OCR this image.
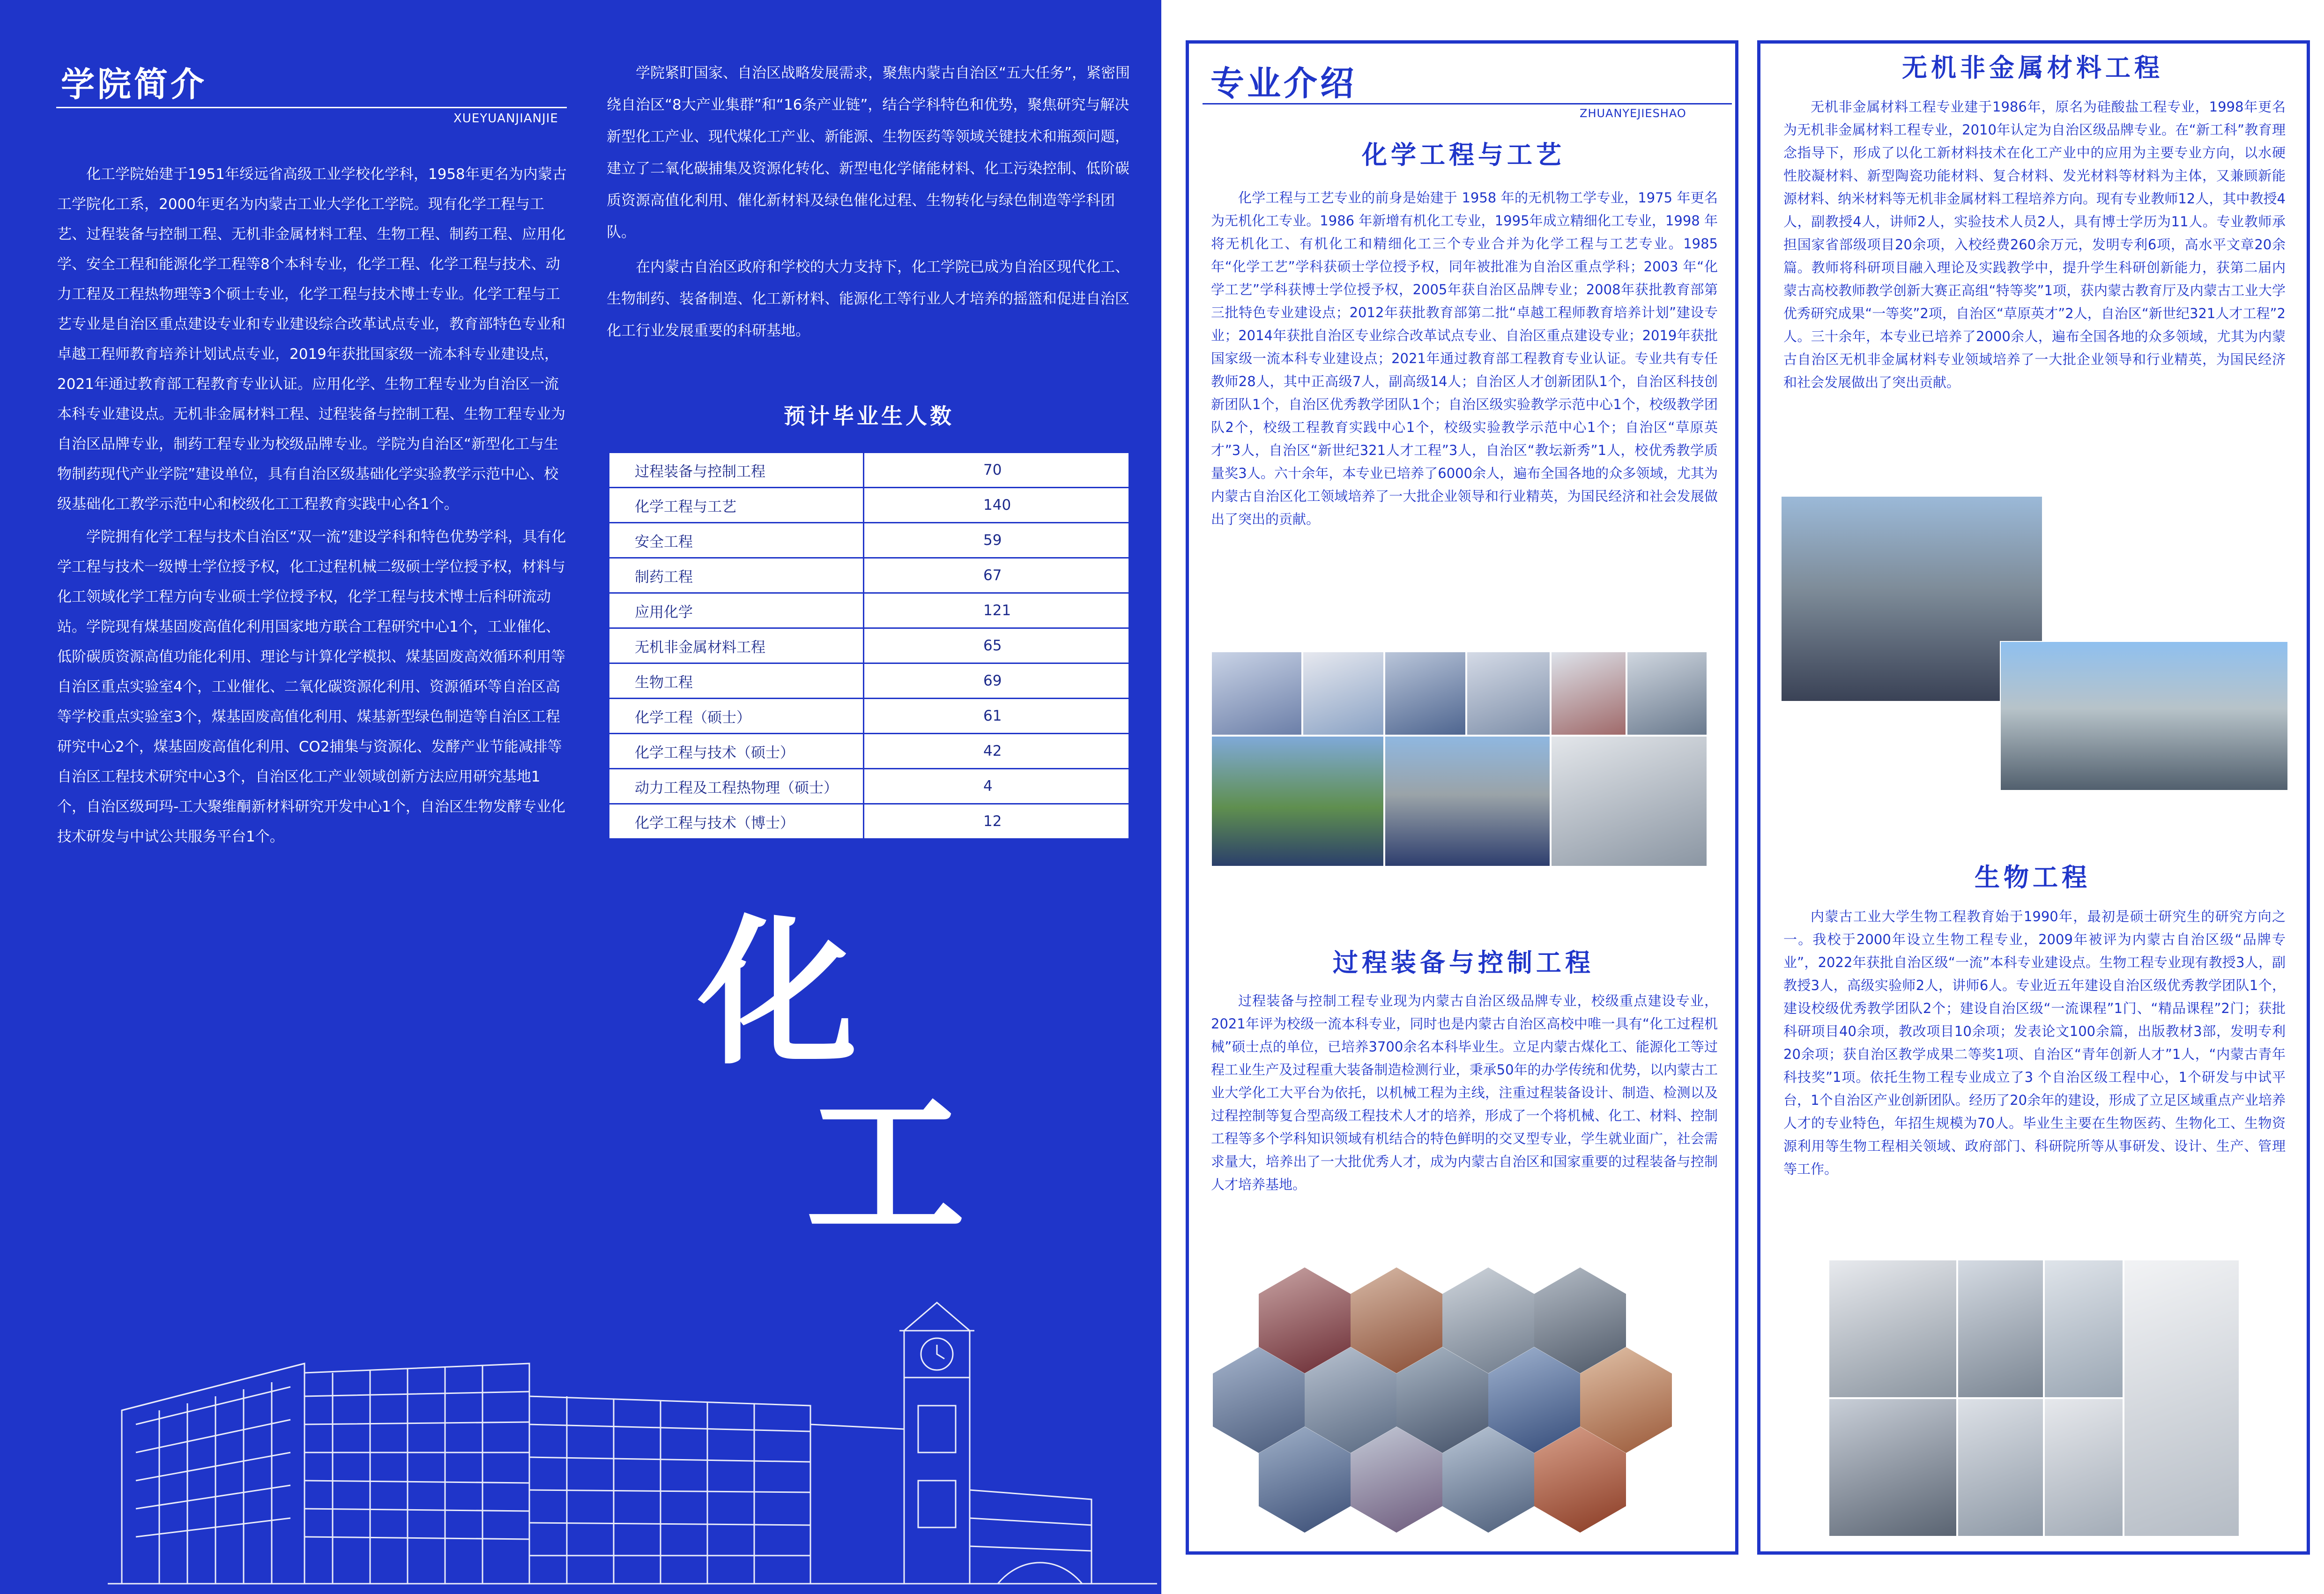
学院简介
XUEYUANJIANJIE

化工学院始建于1951年绥远省高级工业学校化学科，1958年更名为内蒙古工学院化工系，2000年更名为内蒙古工业大学化工学院。现有化学工程与工艺、过程装备与控制工程、无机非金属材料工程、生物工程、制药工程、应用化学、安全工程和能源化学工程等8个本科专业，化学工程、化学工程与技术、动力工程及工程热物理等3个硕士专业，化学工程与技术博士专业。化学工程与工艺专业是自治区重点建设专业和专业建设综合改革试点专业，教育部特色专业和卓越工程师教育培养计划试点专业，2019年获批国家级一流本科专业建设点，2021年通过教育部工程教育专业认证。应用化学、生物工程专业为自治区一流本科专业建设点。无机非金属材料工程、过程装备与控制工程、生物工程专业为自治区品牌专业，制药工程专业为校级品牌专业。学院为自治区“新型化工与生物制药现代产业学院”建设单位，具有自治区级基础化学实验教学示范中心、校级基础化工教学示范中心和校级化工工程教育实践中心各1个。

学院拥有化学工程与技术自治区“双一流”建设学科和特色优势学科，具有化学工程与技术一级博士学位授予权，化工过程机械二级硕士学位授予权，材料与化工领域化学工程方向专业硕士学位授予权，化学工程与技术博士后科研流动站。学院现有煤基固废高值化利用国家地方联合工程研究中心1个，工业催化、低阶碳质资源高值功能化利用、理论与计算化学模拟、煤基固废高效循环利用等自治区重点实验室4个，工业催化、二氧化碳资源化利用、资源循环等自治区高等学校重点实验室3个，煤基固废高值化利用、煤基新型绿色制造等自治区工程研究中心2个，煤基固废高值化利用、CO2捕集与资源化、发酵产业节能减排等自治区工程技术研究中心3个，自治区化工产业领域创新方法应用研究基地1个，自治区级珂玛-工大聚维酮新材料研究开发中心1个，自治区生物发酵专业化技术研发与中试公共服务平台1个。

学院紧盯国家、自治区战略发展需求，聚焦内蒙古自治区“五大任务”，紧密围绕自治区“8大产业集群”和“16条产业链”，结合学科特色和优势，聚焦研究与解决新型化工产业、现代煤化工产业、新能源、生物医药等领域关键技术和瓶颈问题，建立了二氧化碳捕集及资源化转化、新型电化学储能材料、化工污染控制、低阶碳质资源高值化利用、催化新材料及绿色催化过程、生物转化与绿色制造等学科团队。

在内蒙古自治区政府和学校的大力支持下，化工学院已成为自治区现代化工、生物制药、装备制造、化工新材料、能源化工等行业人才培养的摇篮和促进自治区化工行业发展重要的科研基地。

预计毕业生人数
过程装备与控制工程	70
化学工程与工艺	140
安全工程	59
制药工程	67
应用化学	121
无机非金属材料工程	65
生物工程	69
化学工程（硕士）	61
化学工程与技术（硕士）	42
动力工程及工程热物理（硕士）	4
化学工程与技术（博士）	12
化
工
专业介绍
ZHUANYEJIESHAO
化学工程与工艺

化学工程与工艺专业的前身是始建于 1958 年的无机物工学专业，1975 年更名为无机化工专业。1986 年新增有机化工专业，1995年成立精细化工专业，1998 年将无机化工、有机化工和精细化工三个专业合并为化学工程与工艺专业。1985 年“化学工艺”学科获硕士学位授予权，同年被批准为自治区重点学科；2003 年“化学工艺”学科获博士学位授予权，2005年获自治区品牌专业；2008年获批教育部第三批特色专业建设点；2012年获批教育部第二批“卓越工程师教育培养计划”建设专业；2014年获批自治区专业综合改革试点专业、自治区重点建设专业；2019年获批国家级一流本科专业建设点；2021年通过教育部工程教育专业认证。专业共有专任教师28人，其中正高级7人，副高级14人；自治区人才创新团队1个，自治区科技创新团队1个，自治区优秀教学团队1个；自治区级实验教学示范中心1个，校级教学团队2个，校级工程教育实践中心1个，校级实验教学示范中心1个；自治区“草原英才”3人，自治区“新世纪321人才工程”3人，自治区“教坛新秀”1人，校优秀教学质量奖3人。六十余年，本专业已培养了6000余人，遍布全国各地的众多领域，尤其为内蒙古自治区化工领域培养了一大批企业领导和行业精英，为国民经济和社会发展做出了突出的贡献。

过程装备与控制工程

过程装备与控制工程专业现为内蒙古自治区级品牌专业，校级重点建设专业，2021年评为校级一流本科专业，同时也是内蒙古自治区高校中唯一具有“化工过程机械”硕士点的单位，已培养3700余名本科毕业生。立足内蒙古煤化工、能源化工等过程工业生产及过程重大装备制造检测行业，秉承50年的办学传统和优势，以内蒙古工业大学化工大平台为依托，以机械工程为主线，注重过程装备设计、制造、检测以及过程控制等复合型高级工程技术人才的培养，形成了一个将机械、化工、材料、控制工程等多个学科知识领域有机结合的特色鲜明的交叉型专业，学生就业面广，社会需求量大，培养出了一大批优秀人才，成为内蒙古自治区和国家重要的过程装备与控制人才培养基地。

无机非金属材料工程

无机非金属材料工程专业建于1986年，原名为硅酸盐工程专业，1998年更名为无机非金属材料工程专业，2010年认定为自治区级品牌专业。在“新工科”教育理念指导下，形成了以化工新材料技术在化工产业中的应用为主要专业方向，以水硬性胶凝材料、新型陶瓷功能材料、复合材料、发光材料等材料为主体，又兼顾新能源材料、纳米材料等无机非金属材料工程培养方向。现有专业教师12人，其中教授4人，副教授4人，讲师2人，实验技术人员2人，具有博士学历为11人。专业教师承担国家省部级项目20余项，入校经费260余万元，发明专利6项，高水平文章20余篇。教师将科研项目融入理论及实践教学中，提升学生科研创新能力，获第二届内蒙古高校教师教学创新大赛正高组“特等奖”1项，获内蒙古教育厅及内蒙古工业大学优秀研究成果“一等奖”2项，自治区“草原英才”2人，自治区“新世纪321人才工程”2人。三十余年，本专业已培养了2000余人，遍布全国各地的众多领域，尤其为内蒙古自治区无机非金属材料专业领域培养了一大批企业领导和行业精英，为国民经济和社会发展做出了突出贡献。

生物工程

内蒙古工业大学生物工程教育始于1990年，最初是硕士研究生的研究方向之一。我校于2000年设立生物工程专业，2009年被评为内蒙古自治区级“品牌专业”，2022年获批自治区级“一流”本科专业建设点。生物工程专业现有教授3人，副教授3人，高级实验师2人，讲师6人。专业近五年建设自治区级优秀教学团队1个，建设校级优秀教学团队2个；建设自治区级“一流课程”1门、“精品课程”2门；获批科研项目40余项，教改项目10余项；发表论文100余篇，出版教材3部，发明专利20余项；获自治区教学成果二等奖1项、自治区“青年创新人才”1人，“内蒙古青年科技奖”1项。依托生物工程专业成立了3 个自治区级工程中心，1个研发与中试平台，1个自治区产业创新团队。经历了20余年的建设，形成了立足区域重点产业培养人才的专业特色，年招生规模为70人。毕业生主要在生物医药、生物化工、生物资源利用等生物工程相关领域、政府部门、科研院所等从事研发、设计、生产、管理等工作。
